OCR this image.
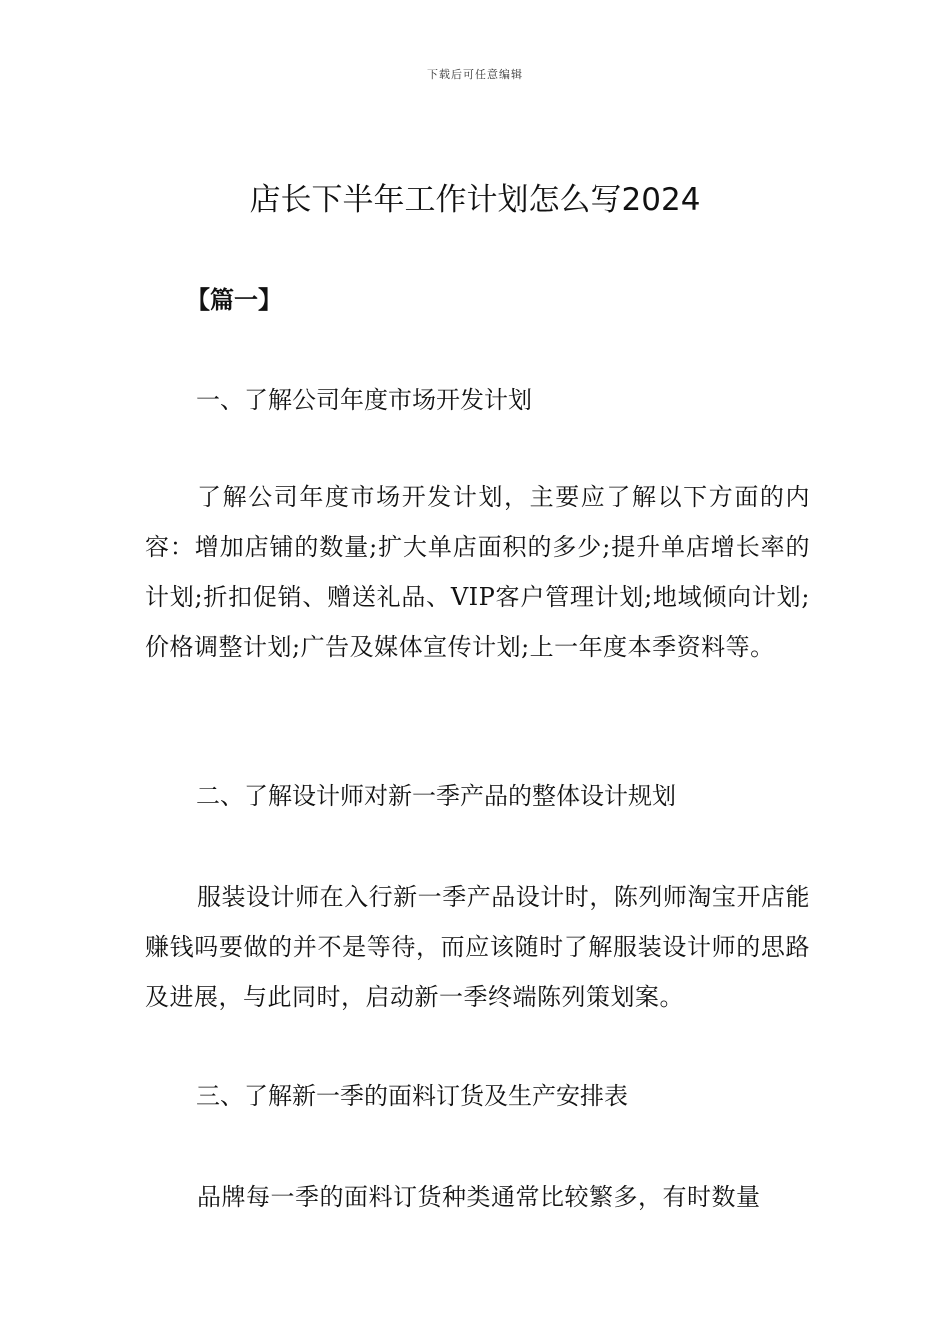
下载后可任意编辑
店长下半年工作计划怎么写2024
【篇一】
一、了解公司年度市场开发计划

了解公司年度市场开发计划，主要应了解以下方面的内容：增加店铺的数量;扩大单店面积的多少;提升单店增长率的计划;折扣促销、赠送礼品、VIP客户管理计划;地域倾向计划;价格调整计划;广告及媒体宣传计划;上一年度本季资料等。

二、了解设计师对新一季产品的整体设计规划

服装设计师在入行新一季产品设计时，陈列师淘宝开店能赚钱吗要做的并不是等待，而应该随时了解服装设计师的思路及进展，与此同时，启动新一季终端陈列策划案。

三、了解新一季的面料订货及生产安排表

品牌每一季的面料订货种类通常比较繁多，有时数量
